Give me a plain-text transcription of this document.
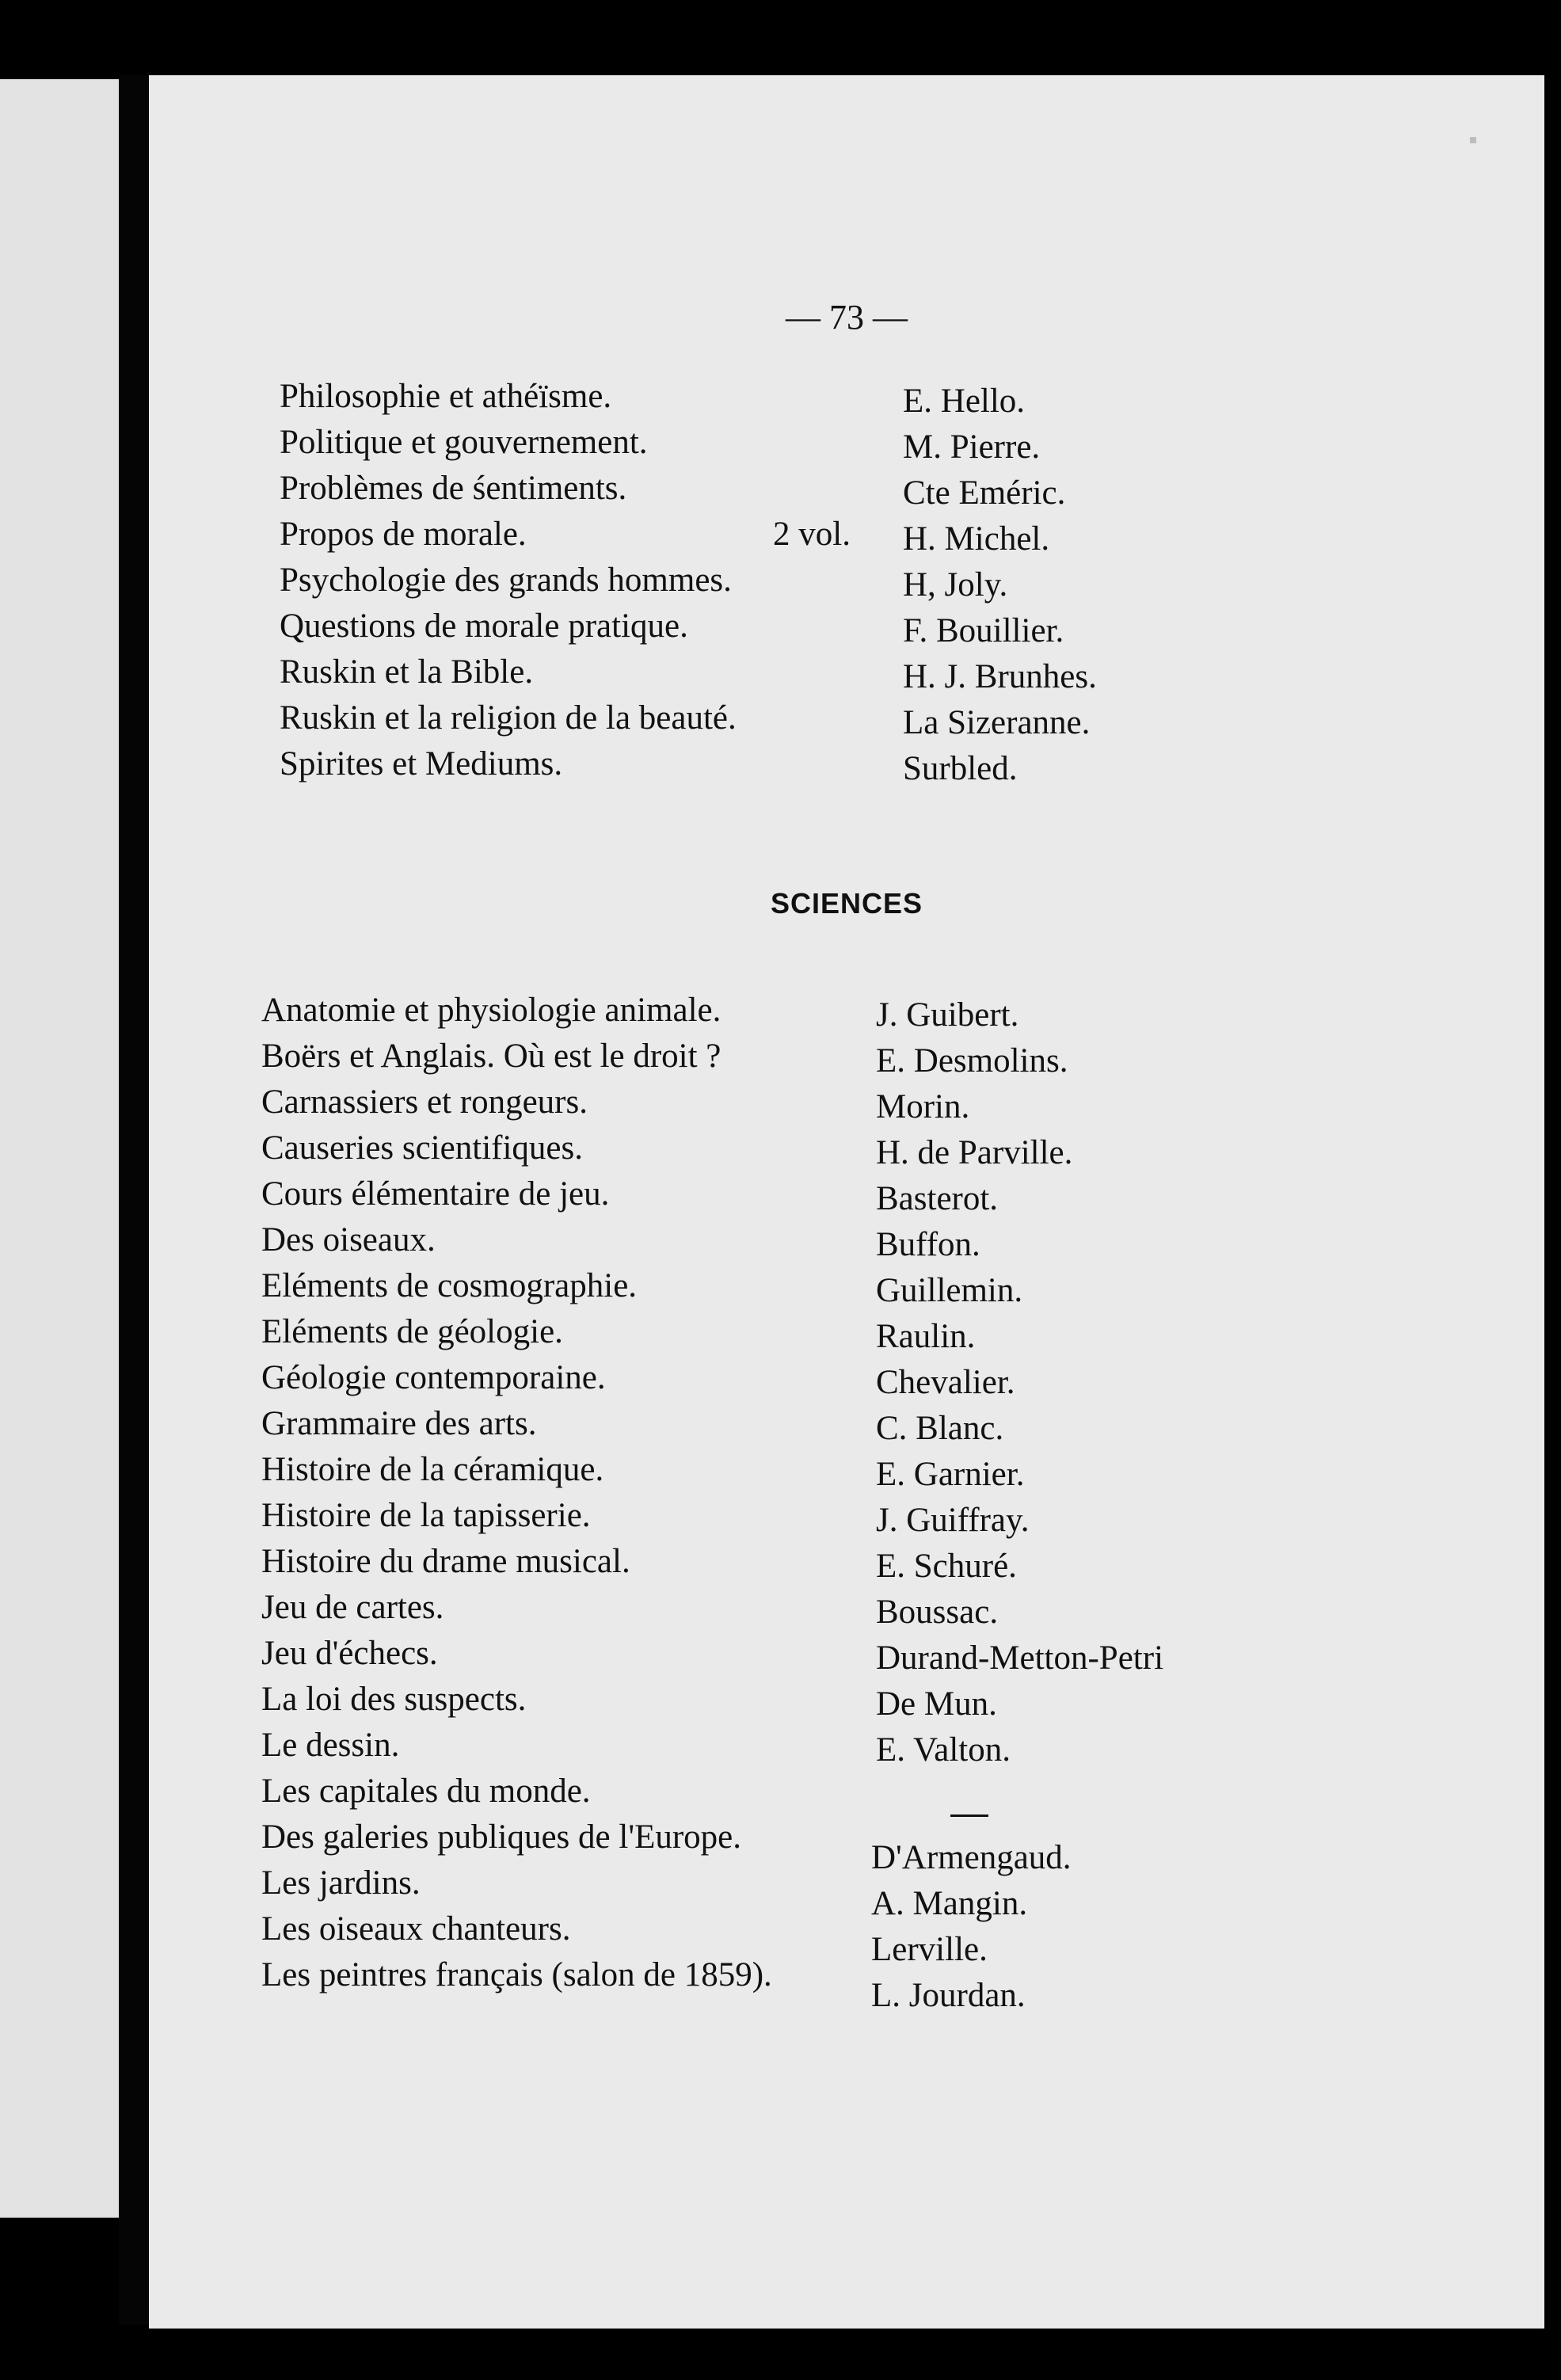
— 73 —
Philosophie et athéïsme.
Politique et gouvernement.
Problèmes de śentiments.
Propos de morale.
Psychologie des grands hommes.
Questions de morale pratique.
Ruskin et la Bible.
Ruskin et la religion de la beauté.
Spirites et Mediums.
2 vol.
E. Hello.
M. Pierre.
Cte Eméric.
H. Michel.
H, Joly.
F. Bouillier.
H. J. Brunhes.
La Sizeranne.
Surbled.
SCIENCES
Anatomie et physiologie animale.
Boërs et Anglais. Où est le droit ?
Carnassiers et rongeurs.
Causeries scientifiques.
Cours élémentaire de jeu.
Des oiseaux.
Eléments de cosmographie.
Eléments de géologie.
Géologie contemporaine.
Grammaire des arts.
Histoire de la céramique.
Histoire de la tapisserie.
Histoire du drame musical.
Jeu de cartes.
Jeu d'échecs.
La loi des suspects.
Le dessin.
Les capitales du monde.
Des galeries publiques de l'Europe.
Les jardins.
Les oiseaux chanteurs.
Les peintres français (salon de 1859).
J. Guibert.
E. Desmolins.
Morin.
H. de Parville.
Basterot.
Buffon.
Guillemin.
Raulin.
Chevalier.
C. Blanc.
E. Garnier.
J. Guiffray.
E. Schuré.
Boussac.
Durand-Metton-Petri
De Mun.
E. Valton.
D'Armengaud.
A. Mangin.
Lerville.
L. Jourdan.
